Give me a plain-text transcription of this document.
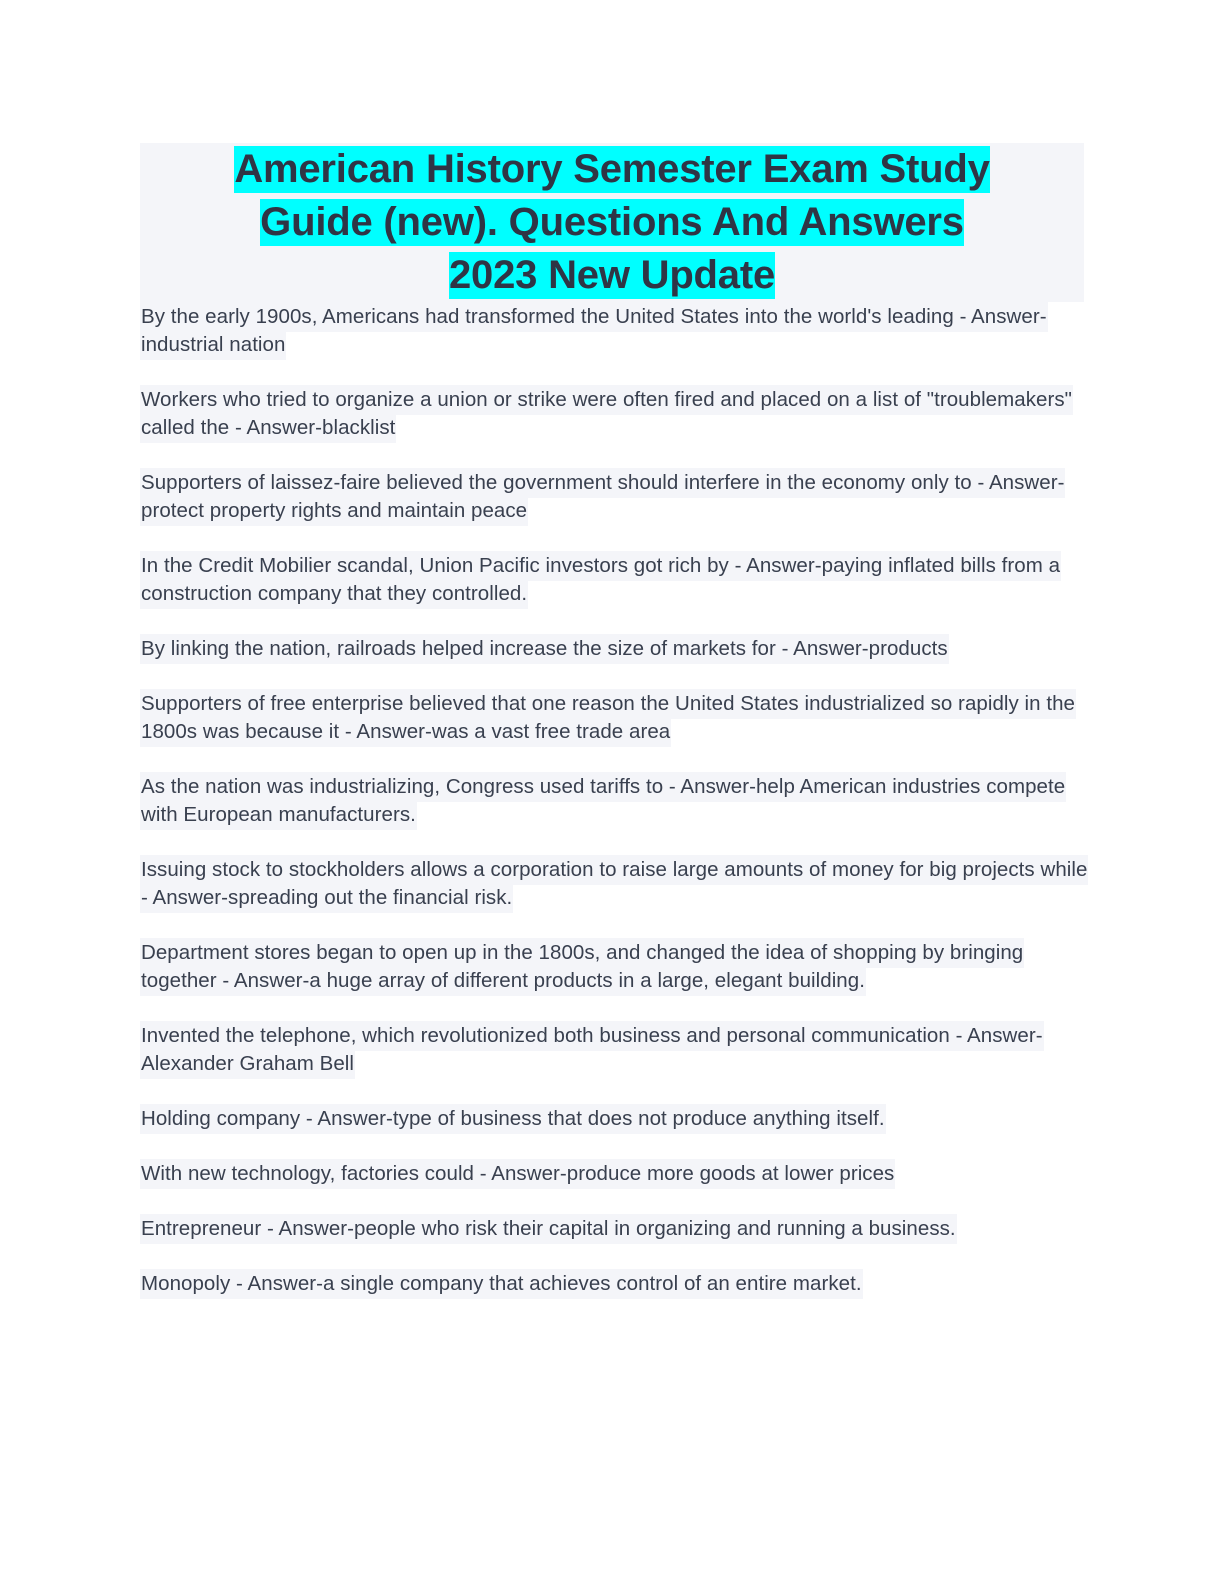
American History Semester Exam Study
Guide (new). Questions And Answers
2023 New Update

By the early 1900s, Americans had transformed the United States into the world's leading - Answer-industrial nation

Workers who tried to organize a union or strike were often fired and placed on a list of "troublemakers" called the - Answer-blacklist

Supporters of laissez-faire believed the government should interfere in the economy only to - Answer-protect property rights and maintain peace

In the Credit Mobilier scandal, Union Pacific investors got rich by - Answer-paying inflated bills from a construction company that they controlled.

By linking the nation, railroads helped increase the size of markets for - Answer-products

Supporters of free enterprise believed that one reason the United States industrialized so rapidly in the 1800s was because it - Answer-was a vast free trade area

As the nation was industrializing, Congress used tariffs to - Answer-help American industries compete with European manufacturers.

Issuing stock to stockholders allows a corporation to raise large amounts of money for big projects while - Answer-spreading out the financial risk.

Department stores began to open up in the 1800s, and changed the idea of shopping by bringing together - Answer-a huge array of different products in a large, elegant building.

Invented the telephone, which revolutionized both business and personal communication - Answer-Alexander Graham Bell

Holding company - Answer-type of business that does not produce anything itself.

With new technology, factories could - Answer-produce more goods at lower prices

Entrepreneur - Answer-people who risk their capital in organizing and running a business.

Monopoly - Answer-a single company that achieves control of an entire market.
